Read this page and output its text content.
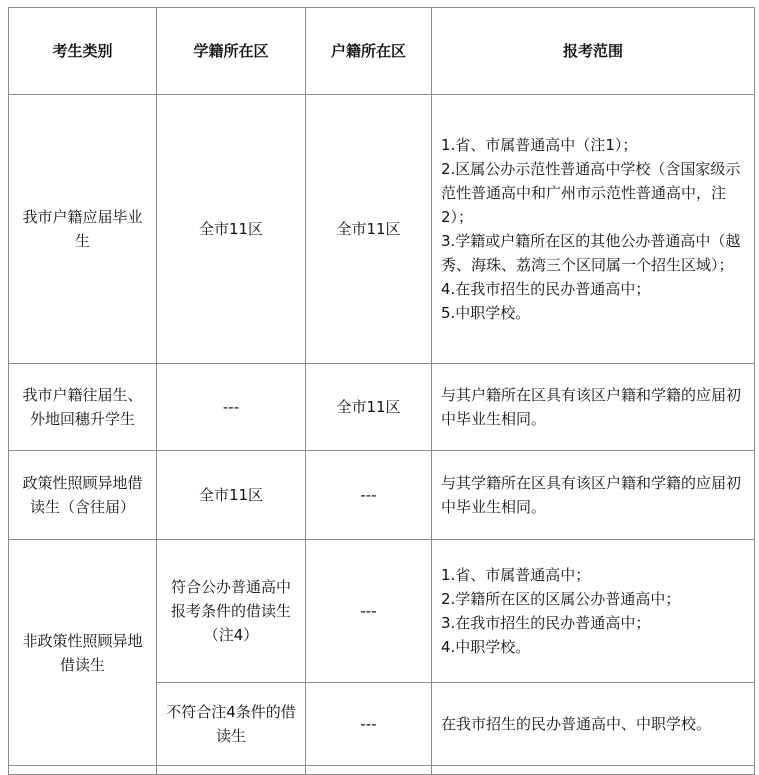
考生类别	学籍所在区	户籍所在区	报考范围
我市户籍应届毕业生	全市11区	全市11区	1.省、市属普通高中（注1）；
2.区属公办示范性普通高中学校（含国家级示范性普通高中和广州市示范性普通高中，注2）；
3.学籍或户籍所在区的其他公办普通高中（越秀、海珠、荔湾三个区同属一个招生区域）；
4.在我市招生的民办普通高中；
5.中职学校。

我市户籍往届生、外地回穗升学生	---	全市11区	与其户籍所在区具有该区户籍和学籍的应届初中毕业生相同。

政策性照顾异地借读生（含往届）	全市11区	---	与其学籍所在区具有该区户籍和学籍的应届初中毕业生相同。

非政策性照顾异地借读生	符合公办普通高中报考条件的借读生（注4）	---	1.省、市属普通高中；
2.学籍所在区的区属公办普通高中；
3.在我市招生的民办普通高中；
4.中职学校。

	不符合注4条件的借读生	---	在我市招生的民办普通高中、中职学校。
